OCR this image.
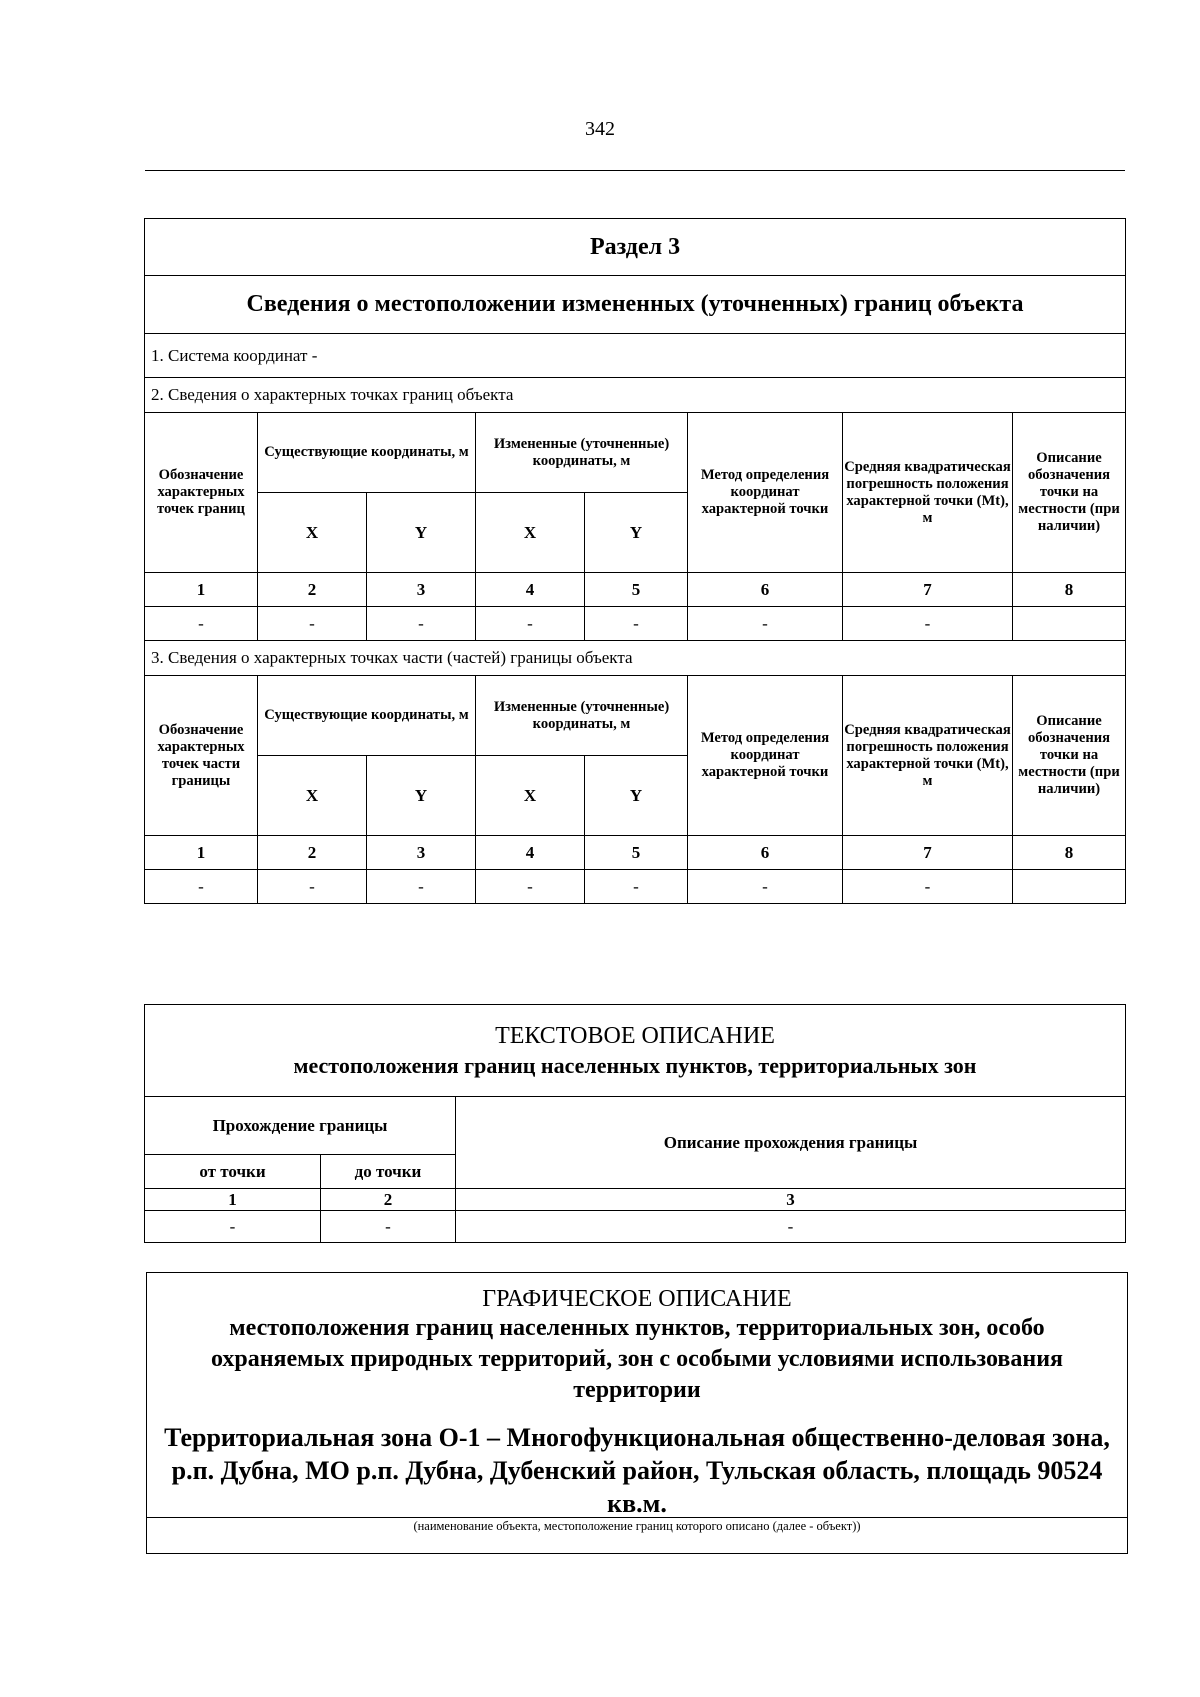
342
Раздел 3							
Сведения о местоположении измененных (уточненных) границ объекта							
1. Система координат -							
2. Сведения о характерных точках границ объекта							
Обозначение характерных точек границ	Существующие координаты, м		Измененные (уточненные) координаты, м		Метод определения координат характерной точки	Средняя квадратическая погрешность положения характерной точки (Mt), м	Описание обозначения точки на местности (при наличии)
	X	Y	X	Y			
1	2	3	4	5	6	7	8
-	-	-	-	-	-	-	
3. Сведения о характерных точках части (частей) границы объекта							
Обозначение характерных точек части границы	Существующие координаты, м		Измененные (уточненные) координаты, м		Метод определения координат характерной точки	Средняя квадратическая погрешность положения характерной точки (Mt), м	Описание обозначения точки на местности (при наличии)
	X	Y	X	Y			
1	2	3	4	5	6	7	8
-	-	-	-	-	-	-	
ТЕКСТОВОЕ ОПИСАНИЕ
местоположения границ населенных пунктов, территориальных зон		

Прохождение границы		Описание прохождения границы
от точки	до точки	
1	2	3
-	-	-
ГРАФИЧЕСКОЕ ОПИСАНИЕ
местоположения границ населенных пунктов, территориальных зон, особо охраняемых природных территорий, зон с особыми условиями использования территории
Территориальная зона О-1 – Многофункциональная общественно-деловая зона, р.п. Дубна, МО р.п. Дубна, Дубенский район, Тульская область, площадь 90524 кв.м.
(наименование объекта, местоположение границ которого описано (далее - объект))
